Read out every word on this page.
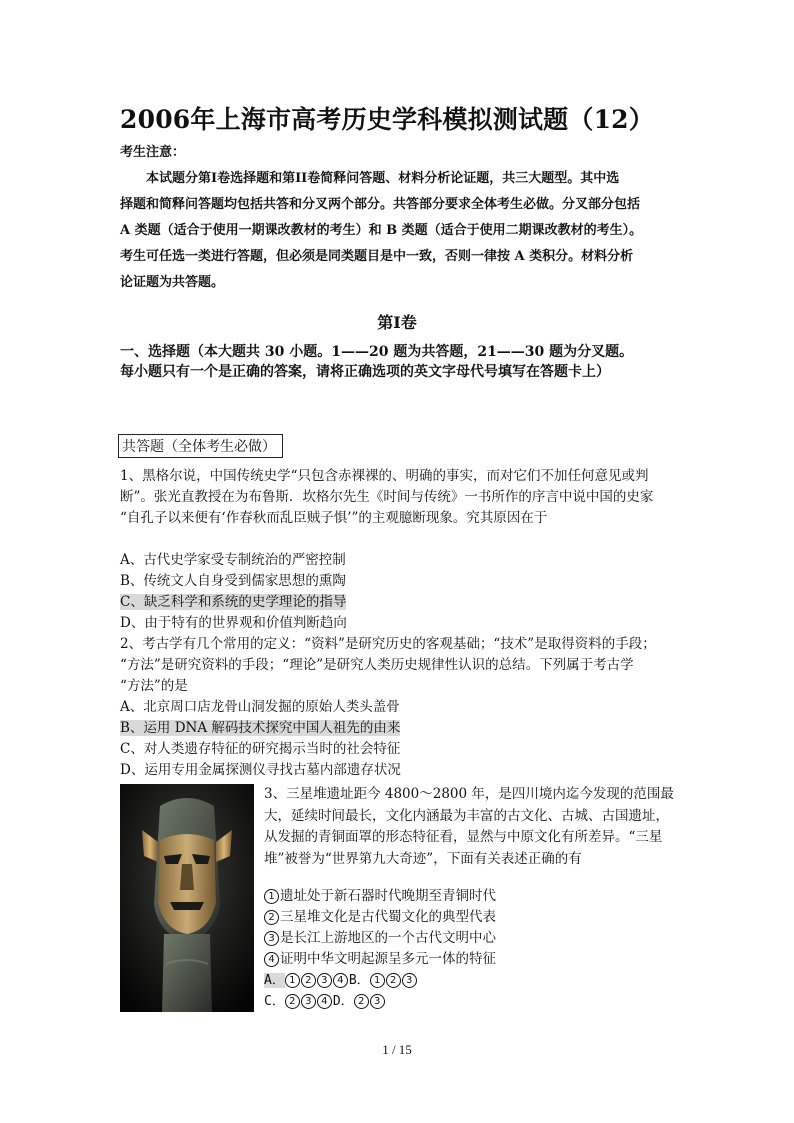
2006年上海市高考历史学科模拟测试题（12）
考生注意：

本试题分第Ⅰ卷选择题和第II卷简释问答题、材料分析论证题，共三大题型。其中选

择题和简释问答题均包括共答和分叉两个部分。共答部分要求全体考生必做。分叉部分包括

A 类题（适合于使用一期课改教材的考生）和 B 类题（适合于使用二期课改教材的考生）。

考生可任选一类进行答题，但必须是同类题目是中一致，否则一律按 A 类积分。材料分析

论证题为共答题。

第Ⅰ卷

一、选择题（本大题共 30 小题。1——20 题为共答题，21——30 题为分叉题。

每小题只有一个是正确的答案，请将正确选项的英文字母代号填写在答题卡上）

共答题（全体考生必做）

1、黑格尔说，中国传统史学“只包含赤裸裸的、明确的事实，而对它们不加任何意见或判

断”。张光直教授在为布鲁斯．坎格尔先生《时间与传统》一书所作的序言中说中国的史家

“自孔子以来便有‘作春秋而乱臣贼子惧’”的主观臆断现象。究其原因在于

A、古代史学家受专制统治的严密控制

B、传统文人自身受到儒家思想的熏陶

C、缺乏科学和系统的史学理论的指导

D、由于特有的世界观和价值判断趋向

2、考古学有几个常用的定义：“资料”是研究历史的客观基础；“技术”是取得资料的手段；

“方法”是研究资料的手段；“理论”是研究人类历史规律性认识的总结。下列属于考古学

“方法”的是

A、北京周口店龙骨山洞发掘的原始人类头盖骨

B、运用 DNA 解码技术探究中国人祖先的由来

C、对人类遗存特征的研究揭示当时的社会特征

D、运用专用金属探测仪寻找古墓内部遗存状况

3、三星堆遗址距今 4800～2800 年，是四川境内迄今发现的范围最

大，延续时间最长，文化内涵最为丰富的古文化、古城、古国遗址，

从发掘的青铜面罩的形态特征看，显然与中原文化有所差异。“三星

堆”被誉为“世界第九大奇迹”，下面有关表述正确的有

1 遗址处于新石器时代晚期至青铜时代

2 三星堆文化是古代蜀文化的典型代表

3 是长江上游地区的一个古代文明中心

4 证明中华文明起源呈多元一体的特征

A． 1 2 3 4 B． 1 2 3

C． 2 3 4 D． 2 3

1 / 15
